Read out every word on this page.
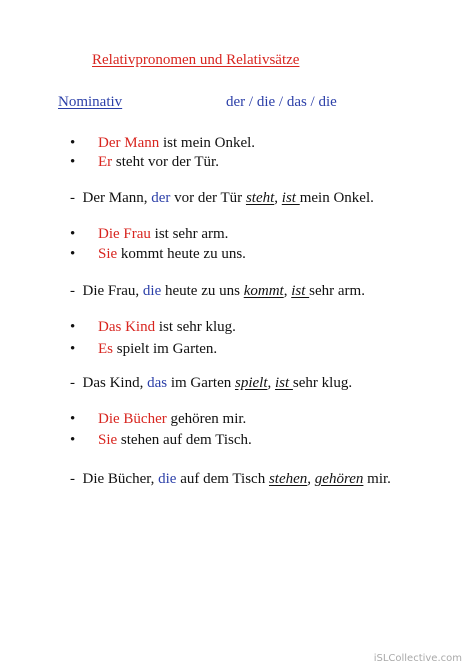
Relativpronomen und Relativsätze
Nominativ	der / die / das / die
• Der Mann ist mein Onkel.
• Er steht vor der Tür.
- Der Mann, der vor der Tür steht, ist mein Onkel.
• Die Frau ist sehr arm.
• Sie kommt heute zu uns.
- Die Frau, die heute zu uns kommt, ist sehr arm.
• Das Kind ist sehr klug.
• Es spielt im Garten.
- Das Kind, das im Garten spielt, ist sehr klug.
• Die Bücher gehören mir.
• Sie stehen auf dem Tisch.
- Die Bücher, die auf dem Tisch stehen, gehören mir.
iSLCollective.com
